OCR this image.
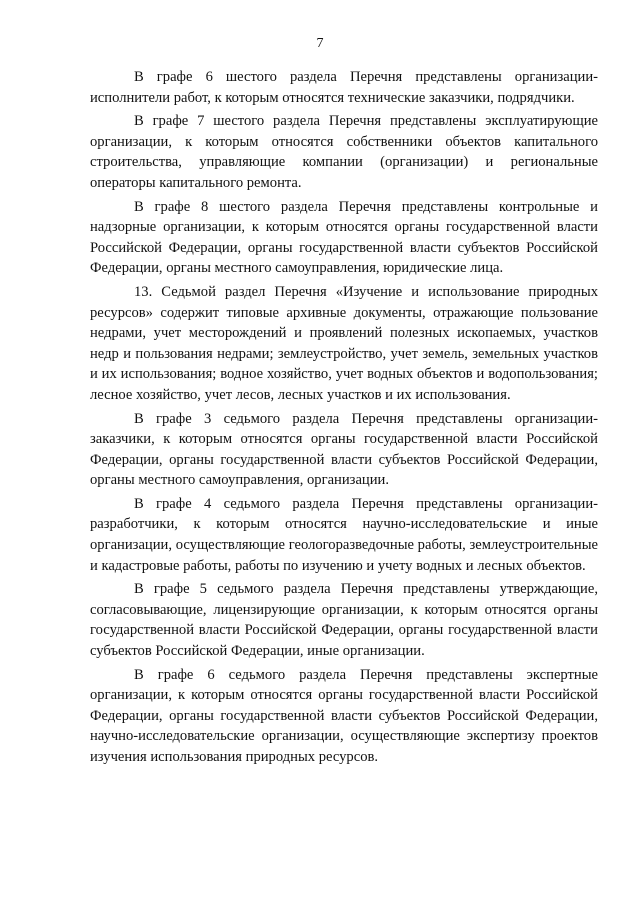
7

В графе 6 шестого раздела Перечня представлены организации-исполнители работ, к которым относятся технические заказчики, подрядчики.

В графе 7 шестого раздела Перечня представлены эксплуатирующие организации, к которым относятся собственники объектов капитального строительства, управляющие компании (организации) и региональные операторы капитального ремонта.

В графе 8 шестого раздела Перечня представлены контрольные и надзорные организации, к которым относятся органы государственной власти Российской Федерации, органы государственной власти субъектов Российской Федерации, органы местного самоуправления, юридические лица.

13. Седьмой раздел Перечня «Изучение и использование природных ресурсов» содержит типовые архивные документы, отражающие пользование недрами, учет месторождений и проявлений полезных ископаемых, участков недр и пользования недрами; землеустройство, учет земель, земельных участков и их использования; водное хозяйство, учет водных объектов и водопользования; лесное хозяйство, учет лесов, лесных участков и их использования.

В графе 3 седьмого раздела Перечня представлены организации-заказчики, к которым относятся органы государственной власти Российской Федерации, органы государственной власти субъектов Российской Федерации, органы местного самоуправления, организации.

В графе 4 седьмого раздела Перечня представлены организации-разработчики, к которым относятся научно-исследовательские и иные организации, осуществляющие геологоразведочные работы, землеустроительные и кадастровые работы, работы по изучению и учету водных и лесных объектов.

В графе 5 седьмого раздела Перечня представлены утверждающие, согласовывающие, лицензирующие организации, к которым относятся органы государственной власти Российской Федерации, органы государственной власти субъектов Российской Федерации, иные организации.

В графе 6 седьмого раздела Перечня представлены экспертные организации, к которым относятся органы государственной власти Российской Федерации, органы государственной власти субъектов Российской Федерации, научно-исследовательские организации, осуществляющие экспертизу проектов изучения использования природных ресурсов.
